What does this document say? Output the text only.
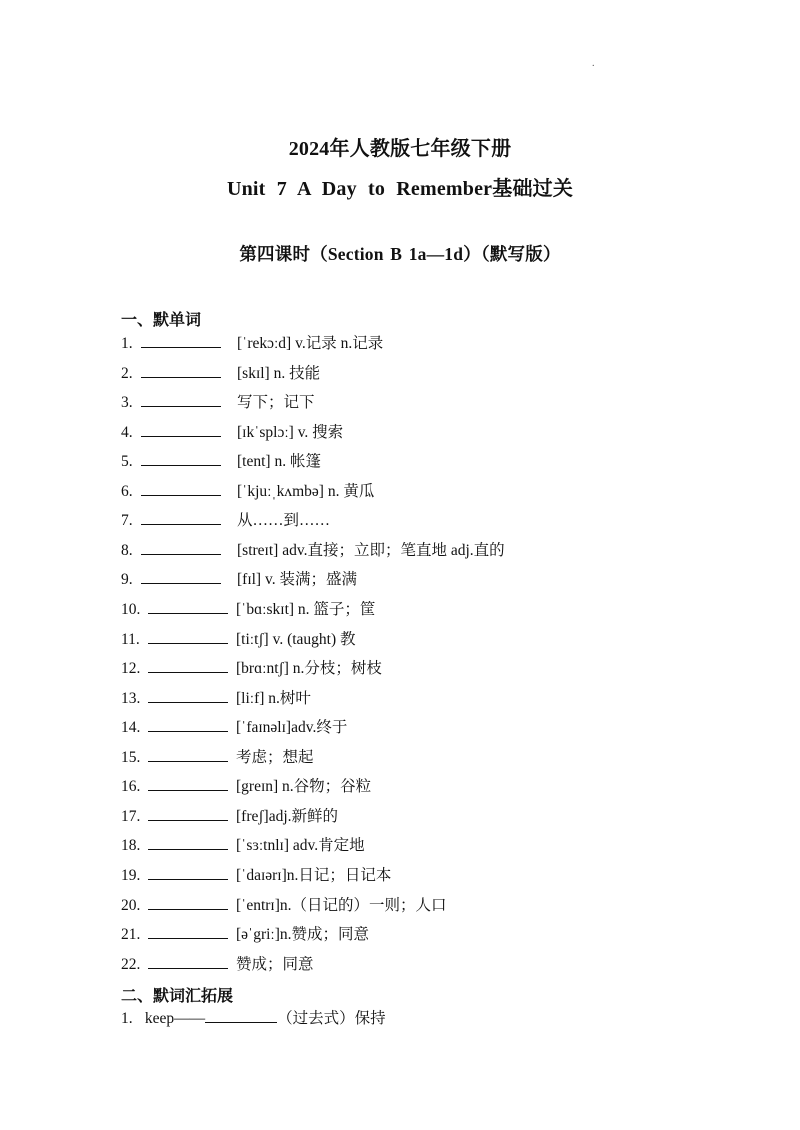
.
2024年人教版七年级下册
Unit 7 A Day to Remember基础过关
第四课时（Section B 1a—1d）（默写版）
一、默单词
1.	[ˈrekɔːd] v.记录 n.记录
2.	[skɪl] n. 技能
3.	写下；记下
4.	[ɪkˈsplɔː] v. 搜索
5.	[tent] n. 帐篷
6.	[ˈkjuːˌkʌmbə] n. 黄瓜
7.	从……到……
8.	[streɪt] adv.直接；立即；笔直地 adj.直的
9.	[fɪl] v. 装满；盛满
10.	[ˈbɑːskɪt] n. 篮子；筐
11.	[tiːtʃ] v. (taught) 教
12.	[brɑːntʃ] n.分枝；树枝
13.	[liːf] n.树叶
14.	[ˈfaɪnəlɪ]adv.终于
15.	考虑；想起
16.	[greɪn] n.谷物；谷粒
17.	[freʃ]adj.新鲜的
18.	[ˈsɜːtnlɪ] adv.肯定地
19.	[ˈdaɪərɪ]n.日记；日记本
20.	[ˈentrɪ]n.（日记的）一则；人口
21.	[əˈgriː]n.赞成；同意
22.	赞成；同意
二、默词汇拓展
1. keep——	（过去式）保持
